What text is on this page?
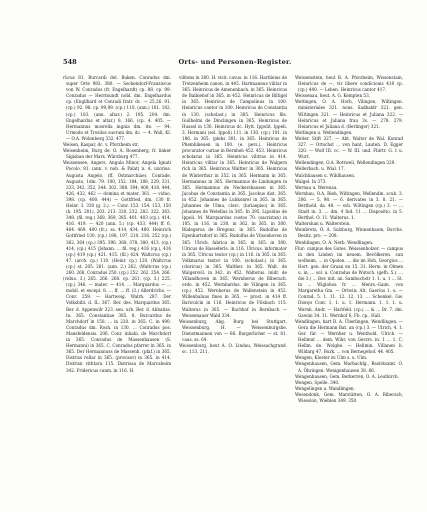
548	Orts- und Personen-Register.

rücus 81. Burcardi del. Buken. Conradus dm. super Orte 983. 380. — Seckendorf-Franziscus von W. Conrados (fr. Engelhardt) cp. 88. cp. 99. Conradus — Herrmundt nobl. dm. Engelhardus cp. (Engilhard et Conradi fratr. dc. — 25,26. 91. (cp.) 92. 98. cp. 99,99. (cp.) 110. (ann.) 181. 182. (cp.) 103. (ann. altar.) 2. 195. 204. dm. Engelhardus et altar.) 8. 166. (cp. 4. 405. — Hermannus mosrella ingnia dm. ite. — 94. Urmodo et Trosilus suorum dm. dc. — 4. Wall, Kl. — O.A. Wolenberg 332. 477.

Weisen, Kaspar, dc. v. Pforzheim str.

Weisenheim, Burg de. O. A. Rosenberg, fr. linker Sigisban der Marx. Würzburg 477.

Weissensee, Angers, Angula Minor, Angela Ignati Pocolo, 81. (ann. v. nob. & Palat) n. A. uxorius. Augusta Angelo, (ff. Ostmarchiae). Conrade. Augusto, 1dm. 79. 100, 152. 184, 188, 229, 331, 333, 342, 352, 344. 302. 388. 394, 400, 418, 444, 426, 432, 462 — domina et mater, 361. — viduo. 398. (cp. 400. 444) — Gottfried, dm. 130 fr. Heinr. 3. 330 (g. 2.). — Conr. 153. 154. 153, 150 (b. 195. 201). 203. 213. 320, 232. 282. 322. 363. 348. (fil. reg.) 368, 369, 385. 401. 403 (cp.). 414. 416. 419. — 420 (ann. 5.) (cp. 433, 444) ff. 6, 464. 469. 400 (fr.). ss. 414, 434, 480. Heinrich Gottfried 130. (cp.) 188, 197, 210. 216, 252 (cp.) 362. 364 (cp.) 395. 396. 368, 378, 380, 413. (cp.) 414, (cp.) 415 (Johann. ... fil. reg.) 416 (cp.), 416 (cp.) 419 (cp.) 421. 415. (fil.) 424. Waltcrus (cp.) 47. (arch. cp.) 110. (Heinr. cp.) 120. (Waltcrus (cp.) st. 205. 261. (ann. 2.) 262. (Waltcrus (cp.) 260. 268. Conradus 250. (cp.) 252. 262. 254. 266.

(viduo. 3.) 265. 266. 268. cp. 261. (cp. 3.) 225. (cp.) 346. — mater. — 414. ... Marquardus — ... mobil. et excepl. 8. ... ff. ... ff. (3.) Allerdrichs. — Conr. 259. — Hartweig. Walrh. 287. Der Volksbibl. d. IL. 367. Ber. des. Marquardus 365. Ber. d. Appenwilr 323. sen. urb. Ber. d. Abbatiss. In. 365. Constantiae 385. 8. Burcardus de Marchdorf in 150. ... in 220. in 365. C. in 490. Conradus dm. Rosh. in 130. ... Conradus pos. Mansfeldensis. 206. Conr. inhabi. de Marchdorf in 365. Conradus de Massenhausen (S. Hermanni) in 365. C. Conradus pfarrer in 365. in 365. Der Hermannuss de Massenh. (pfaf.) in 365. Distriss rellar in 365. (provisor) in 365. in 414. Distrisn vithtara 115. Distrissa de Marcaheim 342. Fridericus canm. in 116. H.

vilitens in 380. H. visit. cavus. in 116. Hartlieius de Trotzenheim canon. in 445. Hartmannus vilitar in 365. Heinricus de Amenenbach. in 365. Heinricus de Balbiehof in 365. in 452. Heinricus de Biltigel in 365. Heinricus de Campolinus in 100. Heinricus cantor in 100. Heinricus de Constantia in 130. (scholast.) in 385. Heinricus fils. Guilhelmi de Dinclingen in 365. Heinricus de Hussel in 130. Heinricus dc. Hytt. Ippolit. Ippeli. 3. Hermani (sel. Ippoli) 111. in 130. (cp.) 101. in 186. in 365. (plebs 301. in 365. Heinricus de Phemhikeuen in 100. (e. pers.). Heinricus procurator curiae in Bernheb 452. 453. Heinricus scholarus in 365. Heinricus vilitras in 414. Heinricus vilitar in 365. Heinricus de Walgern rich in 365. Heinricus Waltter in 365. Heinricus de Winterthur in 352. in 365. Hermann in 365. Hermannus in 365. Hermannus de Lindungen in 365. Hermannus de Neckershausen in 365. Jacobus de Constantia in 365. Jacobus dist. 365. in 452. Johannes de Luhkonrel in 365. in 365. Johannes de Ulma, clerc. (luriaepiso) in 365. Johannes de Wetellus in 365. In 395. Lipoldus de Ippoli. M. Marquardus custos 70. (sacristan) in 105. in 116. in 230. in 362. in 365. in 380. Rüdegerus de Bregenz. in 365. Rudolfus de Egenhartzdorf in 365. Rudolfus de Vilsonhoven in 365. Ulrich. fabrica in 365. in 365. in 380. Ulricus de Hasseterls. in 116. Ulricus. informator in 365. Ulricus textor (cp.) in 116. in 365. in 365. Volkmarus textor in 100. (scholast.) in 365. (clericus) in 365. Walther. in 365. Walt. de Walgersvil. in 342. in 452. Walterus. inidr. de Villandhoven in 365. Wernherus de Biberach. ordo. in 452. Wernhardus. de Vilingen in 365. (cp.) 452. Wernherus de Wallenstein in 452. Willenbaluus fines in 365. — prost. in 414 ff. Bariculcin in 116. Heinricus de Filsbach 115. Walterus in 365. — Bachhof in Bernbach — Weissenauer Wald 334.

Weissenburg, Abg. Burg bei Stuttgart. Weissenburg, H. — Weissenburgshe. Dienstmannen von — 68. Burgerlicher — st. 81. caus. ss. 64.

Weissenburg, heut A. O. Lindau, Weissachgrund. sc. 113. 211.

Weissenstein, heut B. A. Pforzheim, Wissenstain, Heinricus de —, vir libere condicionis 418 cp. (cp.) 440. — Lehen. Heinricus cantor 417.

Weissenau, heut. A. G. Kempten 53.

Weltingen, O. A. Horb, Vilingen, Wiltingen. ministeriales 321. nons. Sadbaldr 321. gen. Wiltingen 321. — Heinricus et Juliana 322. — Heinricus et Juliana frau 3s. — 278. 279. Heinricus et Juliana d. (Berlinger) 321.

Weltingen u. Wellendingen.

Weiter. Stift 327. — Abt. Walter de Wal. Konrad 327. — Ortschst ... von hant, Lauten. D. Egger 320. — Wolf III. cc. — W. III. und. Fbirtr. G. 1 u. Wurt.

Wellendingen, O.A. Rottweil, Wellendingen 329.

Wellerbach. u. Wial. 17.

Walchhausen u. Wihlhausen.

Walgel. In 373.

Wernau u. Werenau.

Wernhau, O.A. Rieh, Wiltingen, Wellendin. scub. 3. 206. — 5. 98. — 6. derivates in 3. 8. 21. — Berthold. da. 48. — svb. Wiltingen (cp.) 3. — ... Stadt in. 3. ... dm. 4 Ind. 11 ... Dispositio. in 5. Berthol. O. 11. Walterus. 1.

Waltershan u. Walterstein.

Weinbretz, O. A. Sulzburg, Winnenbaum, Burchs. Besitz. pro. — 208.

Wenhlingen, O. A. Nerb. Wendlingen.

Flur: campus des Gutes. Weissenholzer. — campus in den Linden im neuem. Bevölkeren. sun wolheim, ... in Opolen. ... die im Hoh, Georgios ... Hort. gen. der Gruan en 15. 31. Herm. in Olmen u. in, ... sol. u. Conradus de Wutsch. (gefh. 5.). ... die 3.) ... Ber. mit. an. Sambuchstr 1. 1. u. 1 ... St. in ... Wiglohoa fr. ... Menrs.-Gaim. von Margaretha Gm. — Ortwin: Alt. Gaerius 1. u. — Conrad. 5. 1. 11. 12. 12. 13. ... Schenkel. Gw. Dionys Conr. 1. 1. u. 1. Hermann. 1. 1. 1. u. Wernh. Andr. — Hartfeld. (cp.) ... & ... Br. 7. dm. Gawini 34. 11. Wernhof 6, Fb. cp., Hall.

Wendlingen, hart B. A. Überlingen, Wendlingen. — Gera die Hermann Bat. an (cp.) 3. — Ulrich, 4. 1. Ger. für. — Wernher u. Wenthold. Ulrich. — Hellmut ... dem. Wihr. von Gerzrs. in. 1 ... 1. C. Hellm. de. Wolghe. — Hellmin. Villanen b. Wildarg 47. Burk. ... von Bernegehof. 44. 405.

Wengen, Kloster zu Ulm s. u. Ulm.

Wengenhausen, Gem. Marbachfg., Bezirksamt. O. A. Öhringen. Wenigenhausen 38. 86.

Wengenhausen, Gem. Berkerren, O. A. Leutkirch.

Wengen, Spelle. 340.

Wengelingen u. Wandlingen.

Wesendonk, Gem. Marstätten, O. A. Biberach, Wiesslon, Wieblen 349. 350.
